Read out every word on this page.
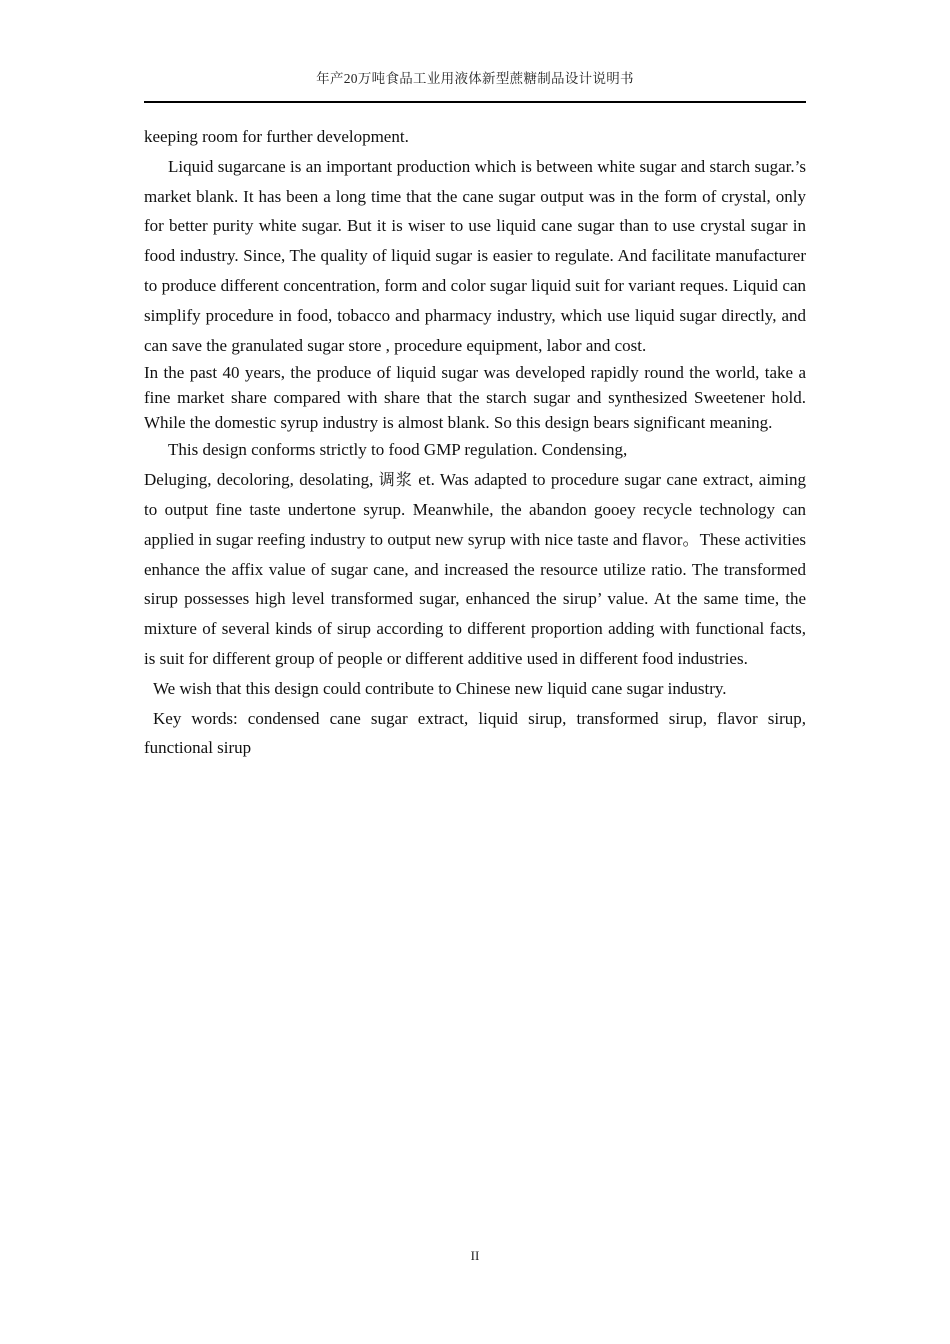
年产20万吨食品工业用液体新型蔗糖制品设计说明书

keeping room for further development.

Liquid sugarcane is an important production which is between white sugar and starch sugar.’s market blank. It has been a long time that the cane sugar output was in the form of crystal, only for better purity white sugar. But it is wiser to use liquid cane sugar than to use crystal sugar in food industry. Since, The quality of liquid sugar is easier to regulate. And facilitate manufacturer to produce different concentration, form and color sugar liquid suit for variant reques. Liquid can simplify procedure in food, tobacco and pharmacy industry, which use liquid sugar directly, and can save the granulated sugar store , procedure equipment, labor and cost.

In the past 40 years, the produce of liquid sugar was developed rapidly round the world, take a fine market share compared with share that the starch sugar and synthesized Sweetener hold. While the domestic syrup industry is almost blank. So this design bears significant meaning.

This design conforms strictly to food GMP regulation. Condensing,

Deluging, decoloring, desolating, 调浆 et. Was adapted to procedure sugar cane extract, aiming to output fine taste undertone syrup. Meanwhile, the abandon gooey recycle technology can applied in sugar reefing industry to output new syrup with nice taste and flavor。These activities enhance the affix value of sugar cane, and increased the resource utilize ratio. The transformed sirup possesses high level transformed sugar, enhanced the sirup’ value. At the same time, the mixture of several kinds of sirup according to different proportion adding with functional facts, is suit for different group of people or different additive used in different food industries.

We wish that this design could contribute to Chinese new liquid cane sugar industry.

Key words: condensed cane sugar extract, liquid sirup, transformed sirup, flavor sirup, functional sirup

II
